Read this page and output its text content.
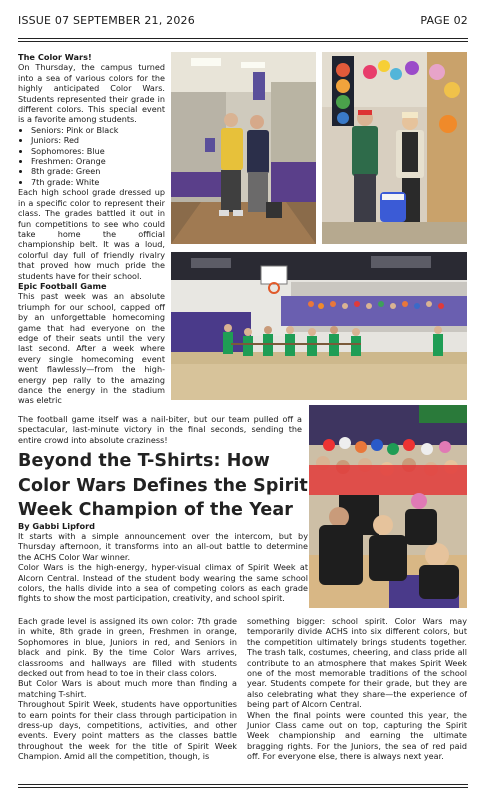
ISSUE 07 SEPTEMBER 21, 2026	PAGE 02

The Color Wars!

On Thursday, the campus turned into a sea of various colors for the highly anticipated Color Wars. Students represented their grade in different colors. This special event is a favorite among students.

• Seniors: Pink or Black
• Juniors: Red
• Sophomores: Blue
• Freshmen: Orange
• 8th grade: Green
• 7th grade: White

Each high school grade dressed up in a specific color to represent their class. The grades battled it out in fun competitions to see who could take home the official championship belt. It was a loud, colorful day full of friendly rivalry that proved how much pride the students have for their school.

Epic Football Game

This past week was an absolute triumph for our school, capped off by an unforgettable homecoming game that had everyone on the edge of their seats until the very last second. After a week where every single homecoming event went flawlessly—from the high-energy pep rally to the amazing dance the energy in the stadium was eletric

The football game itself was a nail-biter, but our team pulled off a spectacular, last-minute victory in the final seconds, sending the entire crowd into absolute craziness!

Beyond the T-Shirts: How Color Wars Defines the Spirit Week Champion of the Year
By Gabbi Lipford

It starts with a simple announcement over the intercom, but by Thursday afternoon, it transforms into an all-out battle to determine the ACHS Color War winner.

Color Wars is the high-energy, hyper-visual climax of Spirit Week at Alcorn Central. Instead of the student body wearing the same school colors, the halls divide into a sea of competing colors as each grade fights to show the most participation, creativity, and school spirit.

Each grade level is assigned its own color: 7th grade in white, 8th grade in green, Freshmen in orange, Sophomores in blue, Juniors in red, and Seniors in black and pink. By the time Color Wars arrives, classrooms and hallways are filled with students decked out from head to toe in their class colors.

But Color Wars is about much more than finding a matching T-shirt.

Throughout Spirit Week, students have opportunities to earn points for their class through participation in dress-up days, competitions, activities, and other events. Every point matters as the classes battle throughout the week for the title of Spirit Week Champion. Amid all the competition, though, is

something bigger: school spirit. Color Wars may temporarily divide ACHS into six different colors, but the competition ultimately brings students together. The trash talk, costumes, cheering, and class pride all contribute to an atmosphere that makes Spirit Week one of the most memorable traditions of the school year. Students compete for their grade, but they are also celebrating what they share—the experience of being part of Alcorn Central.

When the final points were counted this year, the Junior Class came out on top, capturing the Spirit Week championship and earning the ultimate bragging rights. For the Juniors, the sea of red paid off. For everyone else, there is always next year.
